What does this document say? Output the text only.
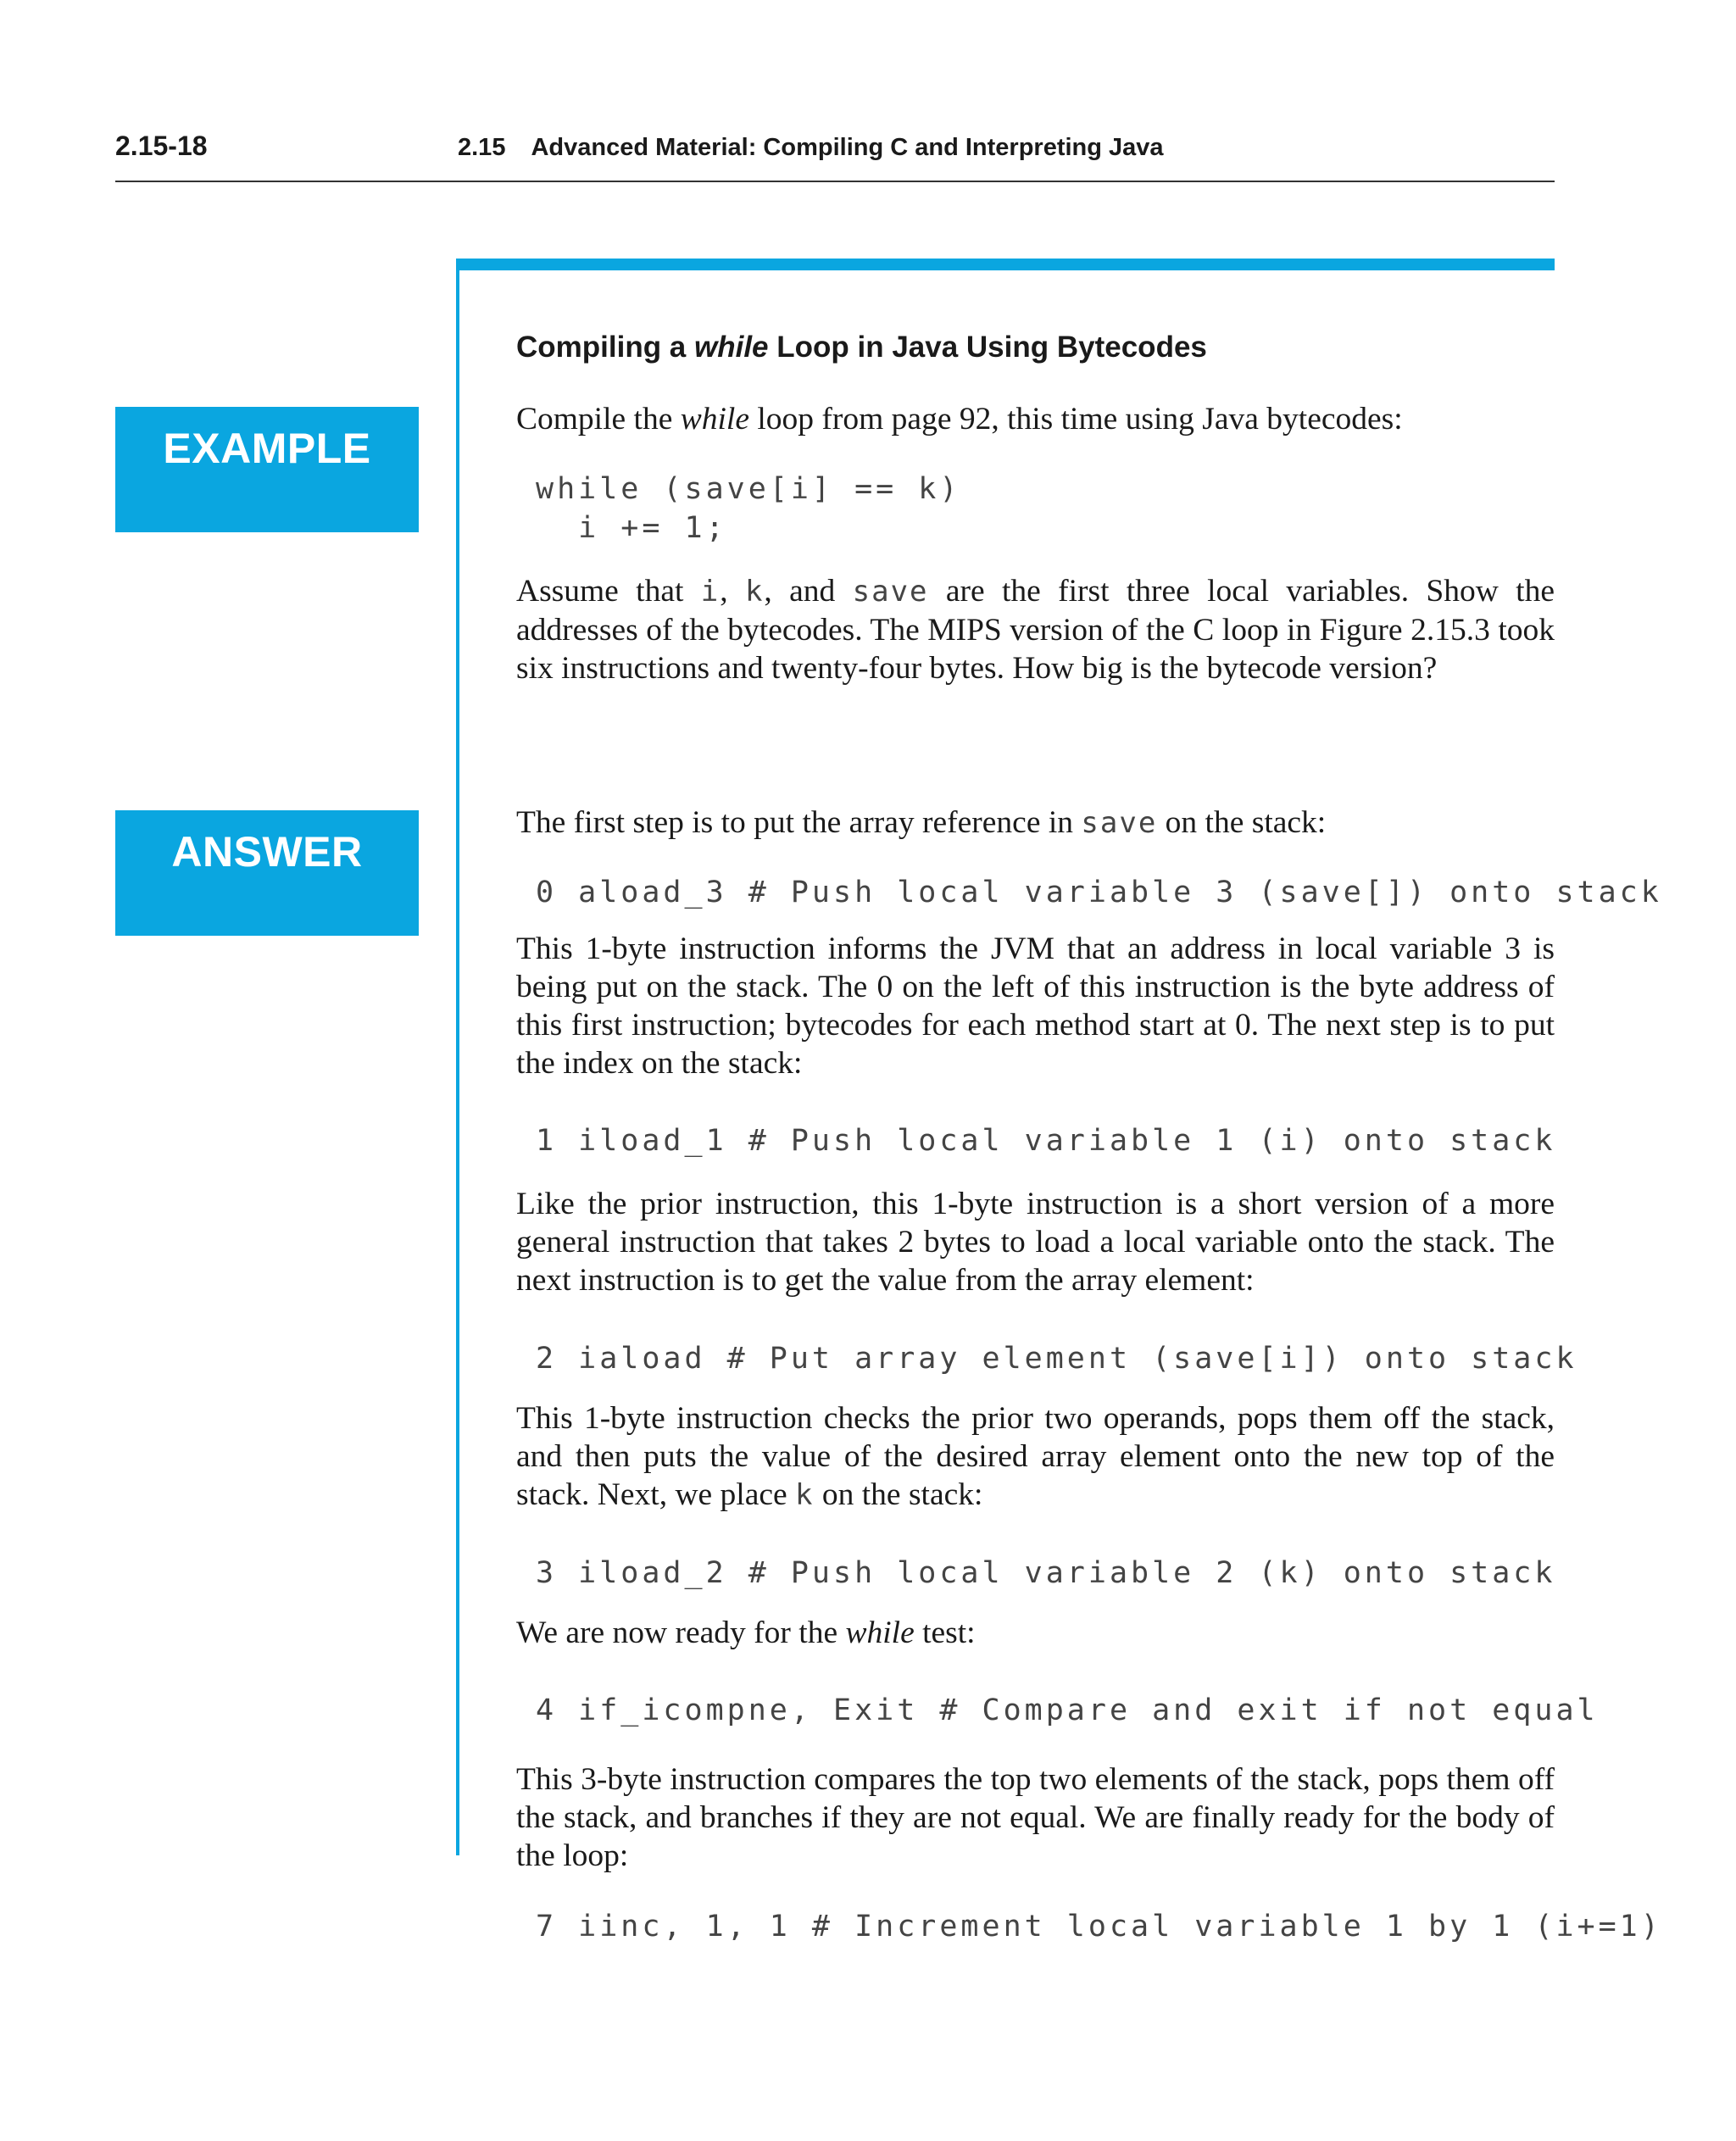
2.15-18	2.15 Advanced Material: Compiling C and Interpreting Java
EXAMPLE
ANSWER
Compiling a while Loop in Java Using Bytecodes

Compile the while loop from page 92, this time using Java bytecodes:

while (save[i] == k)
i += 1;

Assume that i, k, and save are the first three local variables. Show the addresses of the bytecodes. The MIPS version of the C loop in Figure 2.15.3 took six instructions and twenty-four bytes. How big is the bytecode version?

The first step is to put the array reference in save on the stack:

0 aload_3 # Push local variable 3 (save[]) onto stack

This 1-byte instruction informs the JVM that an address in local variable 3 is being put on the stack. The 0 on the left of this instruction is the byte address of this first instruction; bytecodes for each method start at 0. The next step is to put the index on the stack:

1 iload_1 # Push local variable 1 (i) onto stack

Like the prior instruction, this 1-byte instruction is a short version of a more general instruction that takes 2 bytes to load a local variable onto the stack. The next instruction is to get the value from the array element:

2 iaload # Put array element (save[i]) onto stack

This 1-byte instruction checks the prior two operands, pops them off the stack, and then puts the value of the desired array element onto the new top of the stack. Next, we place k on the stack:

3 iload_2 # Push local variable 2 (k) onto stack

We are now ready for the while test:

4 if_icompne, Exit # Compare and exit if not equal

This 3-byte instruction compares the top two elements of the stack, pops them off the stack, and branches if they are not equal. We are finally ready for the body of the loop:

7 iinc, 1, 1 # Increment local variable 1 by 1 (i+=1)
